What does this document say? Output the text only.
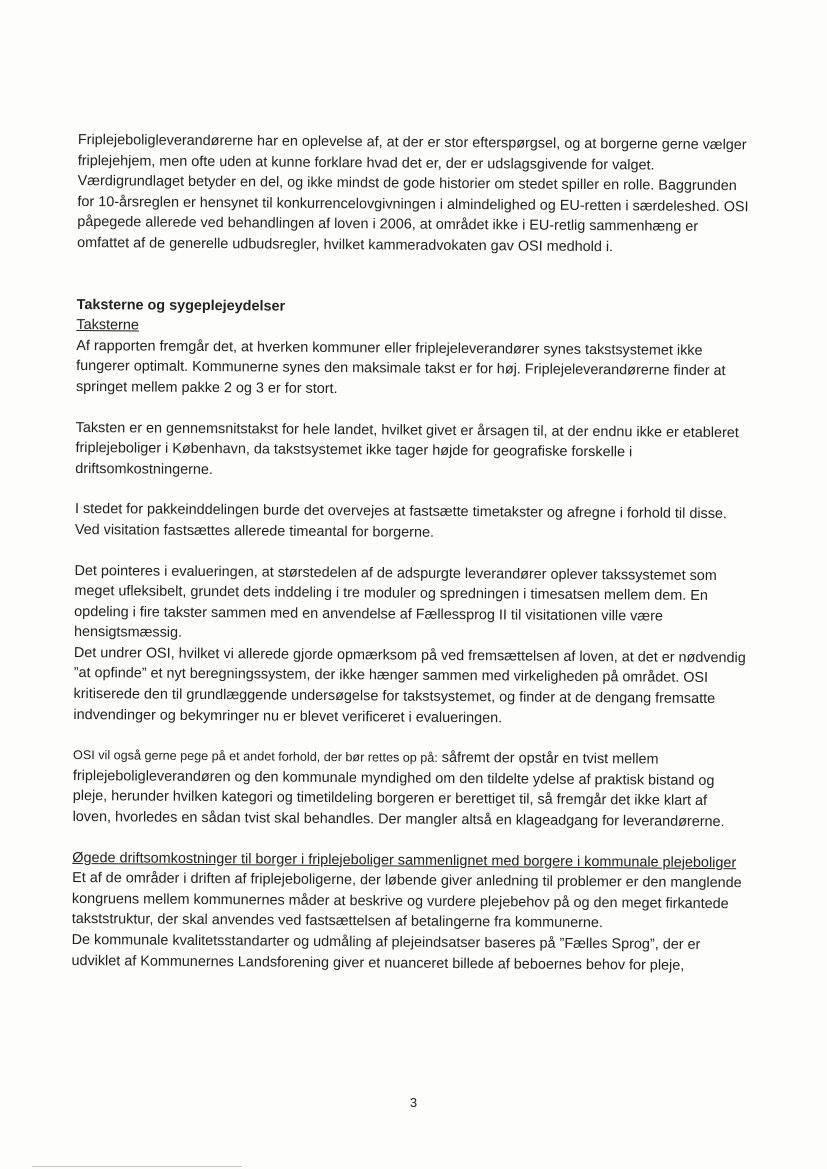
Friplejeboligleverandørerne har en oplevelse af, at der er stor efterspørgsel, og at borgerne gerne vælger friplejehjem, men ofte uden at kunne forklare hvad det er, der er udslagsgivende for valget. Værdigrundlaget betyder en del, og ikke mindst de gode historier om stedet spiller en rolle. Baggrunden for 10-årsreglen er hensynet til konkurrencelovgivningen i almindelighed og EU-retten i særdeleshed. OSI påpegede allerede ved behandlingen af loven i 2006, at området ikke i EU-retlig sammenhæng er omfattet af de generelle udbudsregler, hvilket kammeradvokaten gav OSI medhold i.

Taksterne og sygeplejeydelser

Taksterne

Af rapporten fremgår det, at hverken kommuner eller friplejeleverandører synes takstsystemet ikke fungerer optimalt. Kommunerne synes den maksimale takst er for høj. Friplejeleverandørerne finder at springet mellem pakke 2 og 3 er for stort.

Taksten er en gennemsnitstakst for hele landet, hvilket givet er årsagen til, at der endnu ikke er etableret friplejeboliger i København, da takstsystemet ikke tager højde for geografiske forskelle i driftsomkostningerne.

I stedet for pakkeinddelingen burde det overvejes at fastsætte timetakster og afregne i forhold til disse. Ved visitation fastsættes allerede timeantal for borgerne.

Det pointeres i evalueringen, at størstedelen af de adspurgte leverandører oplever takssystemet som meget ufleksibelt, grundet dets inddeling i tre moduler og spredningen i timesatsen mellem dem. En opdeling i fire takster sammen med en anvendelse af Fællessprog II til visitationen ville være hensigtsmæssig.

Det undrer OSI, hvilket vi allerede gjorde opmærksom på ved fremsættelsen af loven, at det er nødvendig ”at opfinde” et nyt beregningssystem, der ikke hænger sammen med virkeligheden på området. OSI kritiserede den til grundlæggende undersøgelse for takstsystemet, og finder at de dengang fremsatte indvendinger og bekymringer nu er blevet verificeret i evalueringen.

OSI vil også gerne pege på et andet forhold, der bør rettes op på: såfremt der opstår en tvist mellem friplejeboligleverandøren og den kommunale myndighed om den tildelte ydelse af praktisk bistand og pleje, herunder hvilken kategori og timetildeling borgeren er berettiget til, så fremgår det ikke klart af loven, hvorledes en sådan tvist skal behandles. Der mangler altså en klageadgang for leverandørerne.

Øgede driftsomkostninger til borger i friplejeboliger sammenlignet med borgere i kommunale plejeboliger

Et af de områder i driften af friplejeboligerne, der løbende giver anledning til problemer er den manglende kongruens mellem kommunernes måder at beskrive og vurdere plejebehov på og den meget firkantede takststruktur, der skal anvendes ved fastsættelsen af betalingerne fra kommunerne.

De kommunale kvalitetsstandarter og udmåling af plejeindsatser baseres på ”Fælles Sprog”, der er udviklet af Kommunernes Landsforening giver et nuanceret billede af beboernes behov for pleje,

3
